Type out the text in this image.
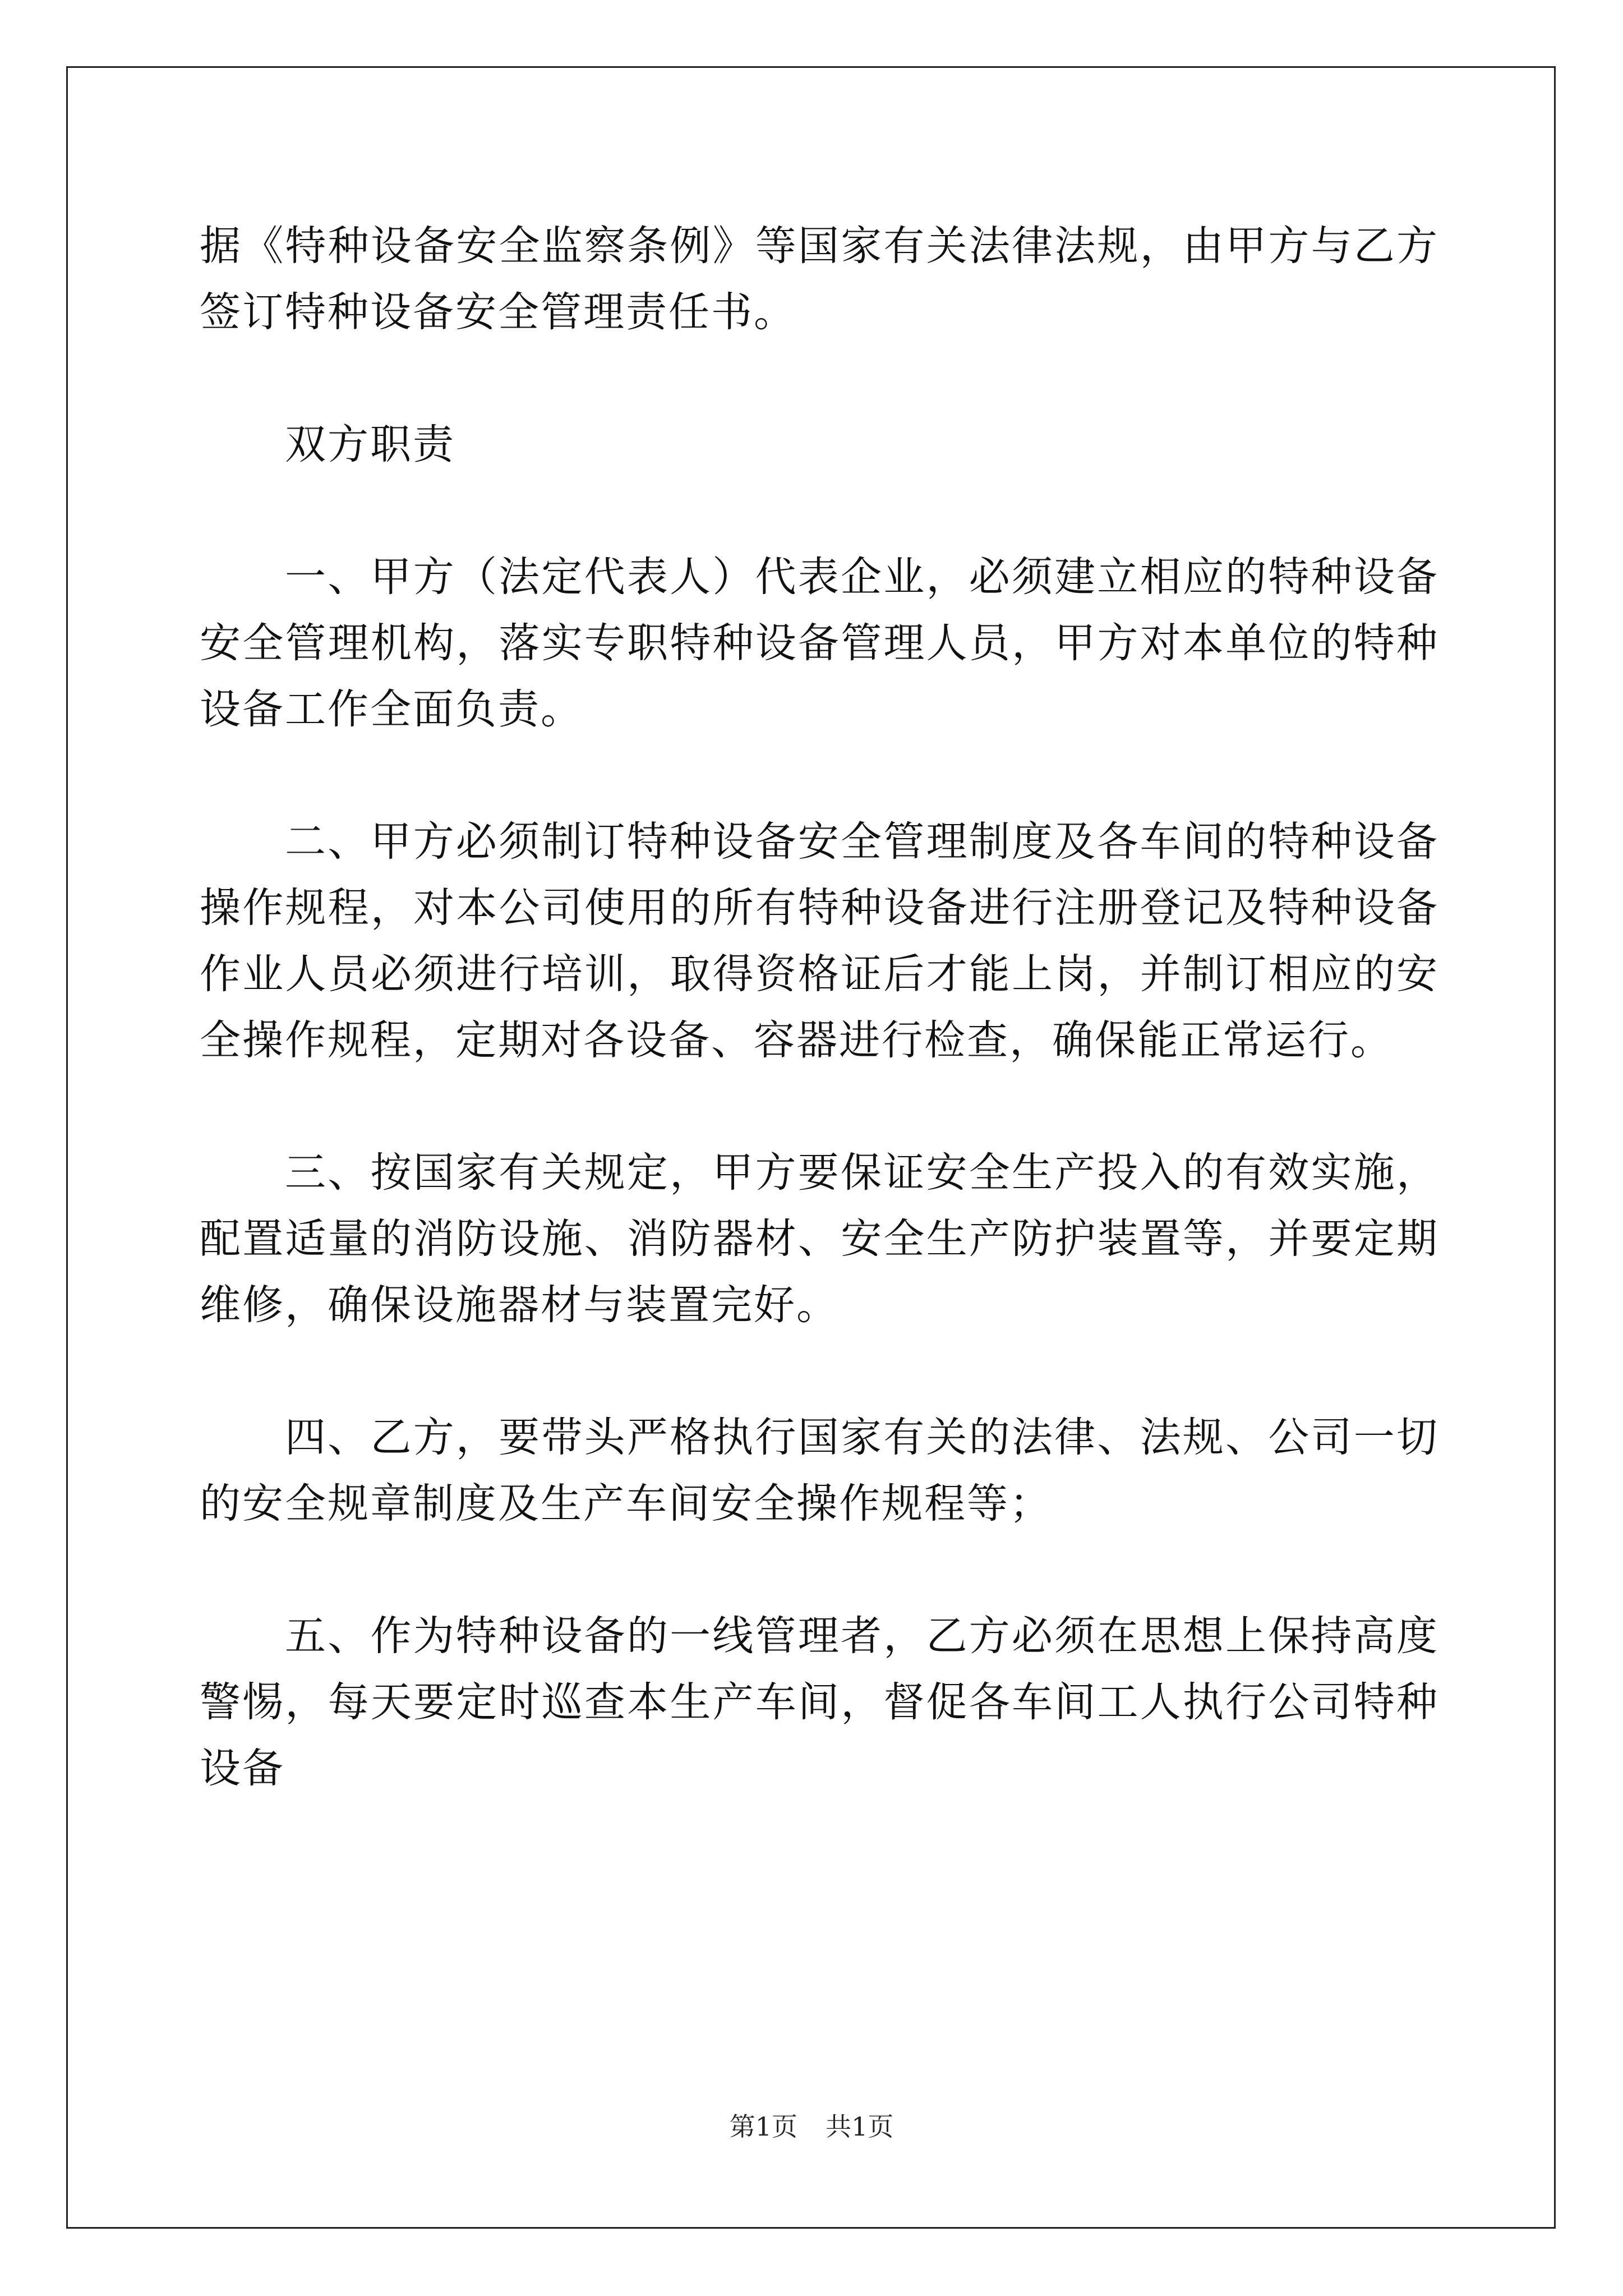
据《特种设备安全监察条例》等国家有关法律法规，由甲方与乙方签订特种设备安全管理责任书。

双方职责

一、甲方（法定代表人）代表企业，必须建立相应的特种设备安全管理机构，落实专职特种设备管理人员，甲方对本单位的特种设备工作全面负责。

二、甲方必须制订特种设备安全管理制度及各车间的特种设备操作规程，对本公司使用的所有特种设备进行注册登记及特种设备作业人员必须进行培训，取得资格证后才能上岗，并制订相应的安全操作规程，定期对各设备、容器进行检查，确保能正常运行。

三、按国家有关规定，甲方要保证安全生产投入的有效实施，配置适量的消防设施、消防器材、安全生产防护装置等，并要定期维修，确保设施器材与装置完好。

四、乙方，要带头严格执行国家有关的法律、法规、公司一切的安全规章制度及生产车间安全操作规程等；

五、作为特种设备的一线管理者，乙方必须在思想上保持高度警惕，每天要定时巡查本生产车间，督促各车间工人执行公司特种设备

第1页 共1页
